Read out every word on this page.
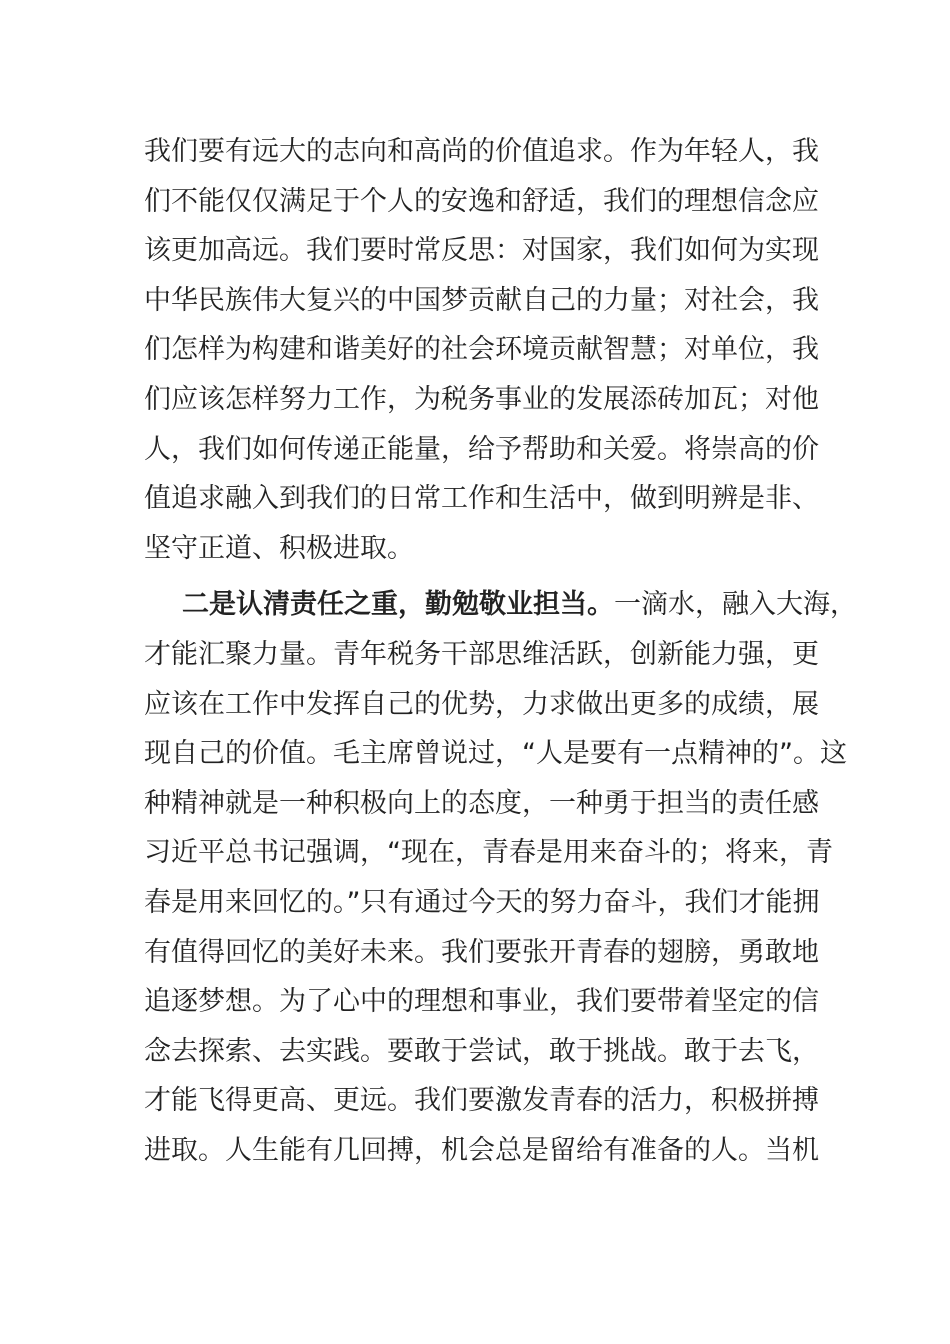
我们要有远大的志向和高尚的价值追求。作为年轻人，我
们不能仅仅满足于个人的安逸和舒适，我们的理想信念应
该更加高远。我们要时常反思：对国家，我们如何为实现
中华民族伟大复兴的中国梦贡献自己的力量；对社会，我
们怎样为构建和谐美好的社会环境贡献智慧；对单位，我
们应该怎样努力工作，为税务事业的发展添砖加瓦；对他
人，我们如何传递正能量，给予帮助和关爱。将崇高的价
值追求融入到我们的日常工作和生活中，做到明辨是非、
坚守正道、积极进取。
二是认清责任之重，勤勉敬业担当。一滴水，融入大海，
才能汇聚力量。青年税务干部思维活跃，创新能力强，更
应该在工作中发挥自己的优势，力求做出更多的成绩，展
现自己的价值。毛主席曾说过，“人是要有一点精神的”。这
种精神就是一种积极向上的态度，一种勇于担当的责任感
习近平总书记强调，“现在，青春是用来奋斗的；将来，青
春是用来回忆的。”只有通过今天的努力奋斗，我们才能拥
有值得回忆的美好未来。我们要张开青春的翅膀，勇敢地
追逐梦想。为了心中的理想和事业，我们要带着坚定的信
念去探索、去实践。要敢于尝试，敢于挑战。敢于去飞，
才能飞得更高、更远。我们要激发青春的活力，积极拼搏
进取。人生能有几回搏，机会总是留给有准备的人。当机
